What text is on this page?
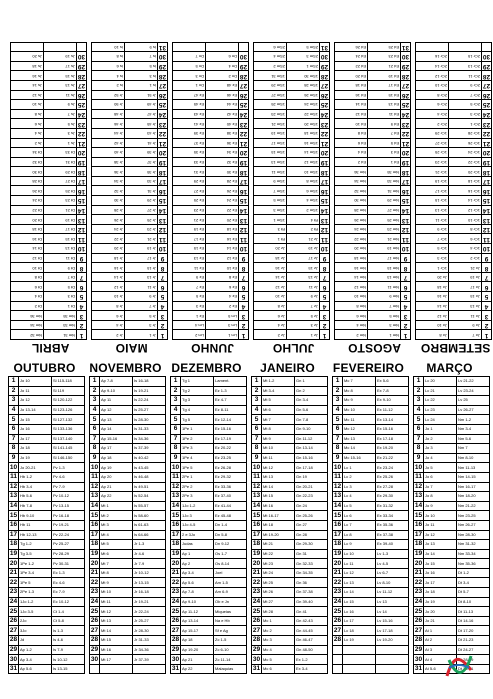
SETEMBRO
1	Jo 7	Jo 8
2	Jo 9	Jo 10
3	Jo 11	Jo 12
4	Jo 13	Jo 14
5	Jo 15	Jo 16
6	Jo 17	Jo 18
7	Jo 19	Jo 20
8	Jo 21	1Cr 1
9	1Cr 2	1Cr 3
10	1Cr 4	1Cr 5
11	1Cr 6	1Cr 7
12	1Cr 8	1Cr 9
13	1Cr 10	1Cr 11
14	1Cr 12	1Cr 13
15	1Cr 14	1Cr 15
16	1Cr 16	1Cr 17
17	1Cr 18	1Cr 19
18	1Cr 20	1Cr 21
19	1Cr 22	1Cr 23
20	1Cr 24	1Cr 25
21	1Cr 26	1Cr 27
22	1Cr 28	1Cr 29
23	2Cr 1	2Cr 2
24	2Cr 3	2Cr 4
25	2Cr 5	2Cr 6
26	2Cr 7	2Cr 8
27	2Cr 9	2Cr 10
28	2Cr 11	2Cr 12
29	2Cr 13	2Cr 14
30	2Cr 15	2Cr 16

AGOSTO
1	Nm 1	Nm 2
2	Nm 3	Nm 4
3	Nm 5	Nm 6
4	Nm 7	Nm 8
5	Nm 9	Nm 10
6	Nm 11	Nm 12
7	Nm 13	Nm 14
8	Nm 15	Nm 16
9	Nm 17	Nm 18
10	Nm 19	Nm 20
11	Nm 21	Nm 22
12	Nm 23	Nm 24
13	Nm 25	Nm 26
14	Nm 27	Nm 28
15	Nm 29	Nm 30
16	Nm 31	Nm 32
17	Nm 33	Nm 34
18	Nm 35	Nm 36
19	Ed 1	Ed 2
20	Ed 3	Ed 4
21	Ed 5	Ed 6
22	Ed 7	Ed 8
23	Ed 9	Ed 10
24	Ed 11	Ed 12
25	Ed 13	Ed 14
26	Ed 15	Ed 16
27	Ed 17	Ed 18
28	Ed 19	Ed 20
29	Ed 21	Ed 22
30	Ed 23	Ed 24
31	Ed 25	Ed 26
JULHO
1	Jz 1	Jz 2
2	Jz 3	Jz 4
3	Jz 5	Jz 6
4	Jz 7	Jz 8
5	Jz 9	Jz 10
6	Jz 11	Jz 12
7	Jz 13	Jz 14
8	Jz 15	Jz 16
9	Jz 17	Jz 18
10	Jz 19	Jz 20
11	Jz 21	Rt 1
12	Rt 2	Rt 3
13	Rt 4	1Sm 1
14	1Sm 2	1Sm 3
15	1Sm 4	1Sm 5
16	1Sm 6	1Sm 7
17	1Sm 8	1Sm 9
18	1Sm 10	1Sm 11
19	1Sm 12	1Sm 13
20	1Sm 14	1Sm 15
21	1Sm 16	1Sm 17
22	1Sm 18	1Sm 19
23	1Sm 20	1Sm 21
24	1Sm 22	1Sm 23
25	1Sm 24	1Sm 25
26	1Sm 26	1Sm 27
27	1Sm 28	1Sm 29
28	1Sm 30	1Sm 31
29	2Sm 1	2Sm 2
30	2Sm 3	2Sm 4
31	2Sm 5	2Sm 6
JUNHO
1	Lm 1	Lm 2
2	Lm 3	Lm 4
3	Lm 5	Ez 1
4	Ez 2	Ez 3
5	Ez 4	Ez 5
6	Ez 6	Ez 7
7	Ez 8	Ez 9
8	Ez 10	Ez 11
9	Ez 12	Ez 13
10	Ez 14	Ez 15
11	Ez 16	Ez 17
12	Ez 18	Ez 19
13	Ez 20	Ez 21
14	Ez 22	Ez 23
15	Ez 24	Ez 25
16	Ez 26	Ez 27
17	Ez 28	Ez 29
18	Ez 30	Ez 31
19	Ez 32	Ez 33
20	Ez 34	Ez 35
21	Ez 36	Ez 37
22	Ez 38	Ez 39
23	Ez 40	Ez 41
24	Ez 42	Ez 43
25	Ez 44	Ez 45
26	Ez 46	Ez 47
27	Ez 48	Dn 1
28	Dn 2	Dn 3
29	Dn 4	Dn 5
30	Dn 6	Dn 7

MAIO
1	Jr 1	Jr 2
2	Jr 3	Jr 4
3	Jr 5	Jr 6
4	Jr 7	Jr 8
5	Jr 9	Jr 10
6	Jr 11	Jr 12
7	Jr 13	Jr 14
8	Jr 15	Jr 16
9	Jr 17	Jr 18
10	Jr 19	Jr 20
11	Jr 21	Jr 22
12	Jr 23	Jr 24
13	Jr 25	Jr 26
14	Jr 27	Jr 28
15	Jr 29	Jr 30
16	Jr 31	Jr 32
17	Jr 33	Jr 34
18	Jr 35	Jr 36
19	Jr 37	Jr 38
20	Jr 39	Jr 40
21	Jr 41	Jr 42
22	Jr 43	Jr 44
23	Jr 45	Jr 46
24	Jr 47	Jr 48
25	Jr 49	Jr 50
26	Jr 51	Jr 52
27	Is 1	Is 2
28	Is 3	Is 4
29	Is 5	Is 6
30	Is 7	Is 8
31	Is 9	Is 10
ABRIL
1	Nm 31	Nm 32
2	Nm 33	Nm 34
3	Nm 35	Nm 36
4	Dt 1	Dt 2
5	Dt 3	Dt 4
6	Dt 5	Dt 6
7	Dt 7	Dt 8
8	Dt 9	Dt 10
9	Dt 11	Dt 12
10	Dt 13	Dt 14
11	Dt 15	Dt 16
12	Dt 17	Dt 18
13	Dt 19	Dt 20
14	Dt 21	Dt 22
15	Dt 23	Dt 24
16	Dt 25	Dt 26
17	Dt 27	Dt 28
18	Dt 29	Dt 30
19	Dt 31	Dt 32
20	Dt 33	Dt 34
21	Js 1	Js 2
22	Js 3	Js 4
23	Js 5	Js 6
24	Js 7	Js 8
25	Js 9	Js 10
26	Js 11	Js 12
27	Js 13	Js 14
28	Js 15	Js 16
29	Js 17	Js 18
30	Js 19	Js 20

OUTUBRO
1	Jo 10	Sl 115-118
2	Jo 11	Sl 119
3	Jo 12	Sl 120-122
4	Jo 13-14	Sl 123-126
5	Jo 15	Sl 127-132
6	Jo 16	Sl 133-136
7	Jo 17	Sl 137-140
8	Jo 18	Sl 141-145
9	Jo 19	Sl 146-150
10	Jo 20-21	Pv 1-3
11	Hb 1-2	Pv 4-6
12	Hb 3-4	Pv 7-9
13	Hb 5-6	Pv 10-12
14	Hb 7-8	Pv 13-15
15	Hb 9-10	Pv 16-18
16	Hb 11	Pv 19-21
17	Hb 12-13	Pv 22-24
18	Tg 1-2	Pv 25-27
19	Tg 3-5	Pv 28-29
20	1Pe 1-2	Pv 30-31
21	1Pe 3-4	Ec 1-3
22	1Pe 5	Ec 4-6
23	2Pe 1-3	Ec 7-9
24	1Jo 1-2	Ec 10-12
25	1Jo 3-5	Ct 1-4
26	2Jo	Ct 5-8
27	3Jo	Is 1-3
28	Jd	Is 4-6
29	Ap 1-2	Is 7-9
30	Ap 3-4	Is 10-12
31	Ap 5-6	Is 13-15
NOVEMBRO
1	Ap 7-8	Is 16-18
2	Ap 9-10	Is 19-21
3	Ap 11	Is 22-24
4	Ap 12	Is 25-27
5	Ap 13	Is 28-30
6	Ap 14	Is 31-33
7	Ap 15-16	Is 34-36
8	Ap 17	Is 37-39
9	Ap 18	Is 40-42
10	Ap 19	Is 43-45
11	Ap 20	Is 46-48
12	Ap 21	Is 49-51
13	Ap 22	Is 52-54
14	Mt 1	Is 55-57
15	Mt 2	Is 58-60
16	Mt 3	Is 61-63
17	Mt 4	Is 64-66
18	Mt 5	Jr 1-3
19	Mt 6	Jr 4-6
20	Mt 7	Jr 7-9
21	Mt 8	Jr 10-12
22	Mt 9	Jr 13-15
23	Mt 10	Jr 16-18
24	Mt 11	Jr 19-21
25	Mt 12	Jr 22-24
26	Mt 13	Jr 25-27
27	Mt 14	Jr 28-30
28	Mt 15	Jr 31-33
29	Mt 16	Jr 34-36
30	Mt 17	Jr 37-39

DEZEMBRO
1	Tg 1	Lament.
2	Tg 2	Ez 1-3
3	Tg 3	Ez 4-7
4	Tg 4	Ez 8-11
5	Tg 5	Ez 12-14
6	1Pe 1	Ez 15-16
7	1Pe 2	Ez 17-19
8	1Pe 3	Ez 20-22
9	1Pe 4	Ez 23-25
10	1Pe 5	Ez 26-28
11	2Pe 1	Ez 29-32
12	2Pe 2	Ez 33-36
13	2Pe 3	Ez 37-40
14	1Jo 1-2	Ez 41-44
15	1Jo 3	Ez 45-48
16	1Jo 4-5	Dn 1-4
17	2 e 3Jo	Dn 5-8
18	Judas	Dn 9-12
19	Ap 1	Os 1-7
20	Ap 2	Os 8-14
21	Ap 3-4	Joel
22	Ap 5-6	Am 1-5
23	Ap 7-8	Am 6-9
24	Ap 9-10	Ob e Jn
25	Ap 11-12	Miqueias
26	Ap 13-14	Na e Hb
27	Ap 15-17	Sf e Ag
28	Ap 18	Zc 1-5
29	Ap 19-20	Zc 6-10
30	Ap 21	Zc 11-14
31	Ap 22	Malaquias
JANEIRO
1	Mt 1-2	Gn 1
2	Mt 3-4	Gn 2
3	Mt 5	Gn 3-4
4	Mt 6	Gn 5-6
5	Mt 7	Gn 7-8
6	Mt 8	Gn 9-10
7	Mt 9	Gn 11-12
8	Mt 10	Gn 13-14
9	Mt 11	Gn 15-16
10	Mt 12	Gn 17-18
11	Mt 13	Gn 19
12	Mt 14	Gn 20-21
13	Mt 15	Gn 22-23
14	Mt 16	Gn 24
15	Mt 16-17	Gn 25-26
16	Mt 18	Gn 27
17	Mt 19-20	Gn 28
18	Mt 21	Gn 29-30
19	Mt 22	Gn 31
20	Mt 23	Gn 32-33
21	Mt 24	Gn 34-35
22	Mt 25	Gn 36
23	Mt 26	Gn 37-38
24	Mt 27	Gn 39-40
25	Mt 28	Gn 41
26	Mc 1	Gn 42-43
27	Mc 2	Gn 44-45
28	Mc 3	Gn 46-47
29	Mc 4	Gn 48-50
30	Mc 5	Ex 1-2
31	Mc 6	Ex 3-4
FEVEREIRO
1	Mc 7	Ex 5-6
2	Mc 8	Ex 7-8
3	Mc 9	Ex 9-10
4	Mc 10	Ex 11-12
5	Mc 11	Ex 13-14
6	Mc 12	Ex 15-16
7	Mc 13	Ex 17-18
8	Mc 14	Ex 19-20
9	Mc 15-16	Ex 21-22
10	Lc 1	Ex 23-24
11	Lc 2	Ex 25-26
12	Lc 3	Ex 27-28
13	Lc 4	Ex 29-30
14	Lc 5	Ex 31-32
15	Lc 6	Ex 33-34
16	Lc 7	Ex 35-36
17	Lc 8	Ex 37-38
18	Lc 9	Ex 39-40
19	Lc 10	Lv 1-3
20	Lc 11	Lv 4-5
21	Lc 12	Lv 6-7
22	Lc 13	Lv 8-10
23	Lc 14	Lv 11-12
24	Lc 15	Lv 13
25	Lc 16	Lv 14
26	Lc 17	Lv 15-16
27	Lc 18	Lv 17-18
28	Lc 19	Lv 19-20

MARÇO
1	Lc 20	Lv 21-22
2	Lc 21	Lv 23-24
3	Lc 22	Lv 25
4	Lc 23	Lv 26-27
5	Lc 24	Nm 1-2
6	Jo 1	Nm 3-4
7	Jo 2	Nm 5-6
8	Jo 3	Nm 7
9	Jo 4	Nm 8-10
10	Jo 5	Nm 11-13
11	Jo 6	Nm 14-15
12	Jo 7	Nm 16-17
13	Jo 8	Nm 18-20
14	Jo 9	Nm 21-22
15	Jo 10	Nm 23-25
16	Jo 11	Nm 26-27
17	Jo 12	Nm 28-30
18	Jo 13	Nm 31-32
19	Jo 14	Nm 33-34
20	Jo 15	Nm 35-36
21	Jo 16	Dt 1-2
22	Jo 17	Dt 3-4
23	Jo 18	Dt 5-7
24	Jo 19	Dt 8-10
25	Jo 20	Dt 11-13
26	Jo 21	Dt 14-16
27	At 1	Dt 17-20
28	At 2	Dt 21-23
29	At 3	Dt 24-27
30	At 4	Dt 28-29
31	At 5-6	Dt 30-31
